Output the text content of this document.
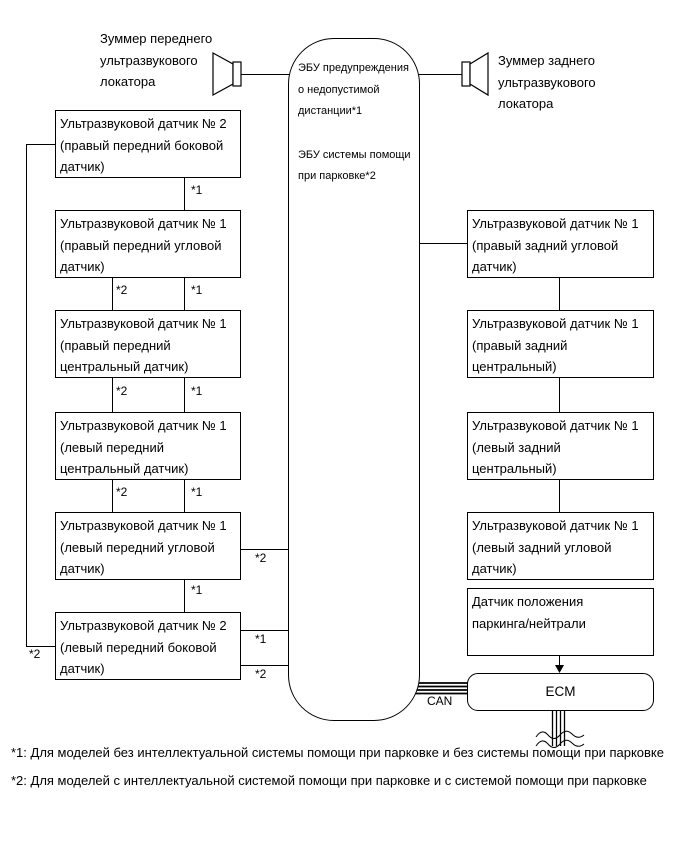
ЭБУ предупреждения
о недопустимой
дистанции*1
ЭБУ системы помощи
при парковке*2
Зуммер переднего
ультразвукового
локатора
Зуммер заднего
ультразвукового
локатора
Ультразвуковой датчик № 2
(правый передний боковой
датчик)
Ультразвуковой датчик № 1
(правый передний угловой
датчик)
Ультразвуковой датчик № 1
(правый передний
центральный датчик)
Ультразвуковой датчик № 1
(левый передний
центральный датчик)
Ультразвуковой датчик № 1
(левый передний угловой
датчик)
Ультразвуковой датчик № 2
(левый передний боковой
датчик)
Ультразвуковой датчик № 1
(правый задний угловой
датчик)
Ультразвуковой датчик № 1
(правый задний
центральный)
Ультразвуковой датчик № 1
(левый задний
центральный)
Ультразвуковой датчик № 1
(левый задний угловой
датчик)
Датчик положения
паркинга/нейтрали
ECM
CAN
*1
*2	*1
*2	*1
*2	*1
*1
*2
*2
*1
*2
*1: Для моделей без интеллектуальной системы помощи при парковке и без системы помощи при парковке
*2: Для моделей с интеллектуальной системой помощи при парковке и с системой помощи при парковке
